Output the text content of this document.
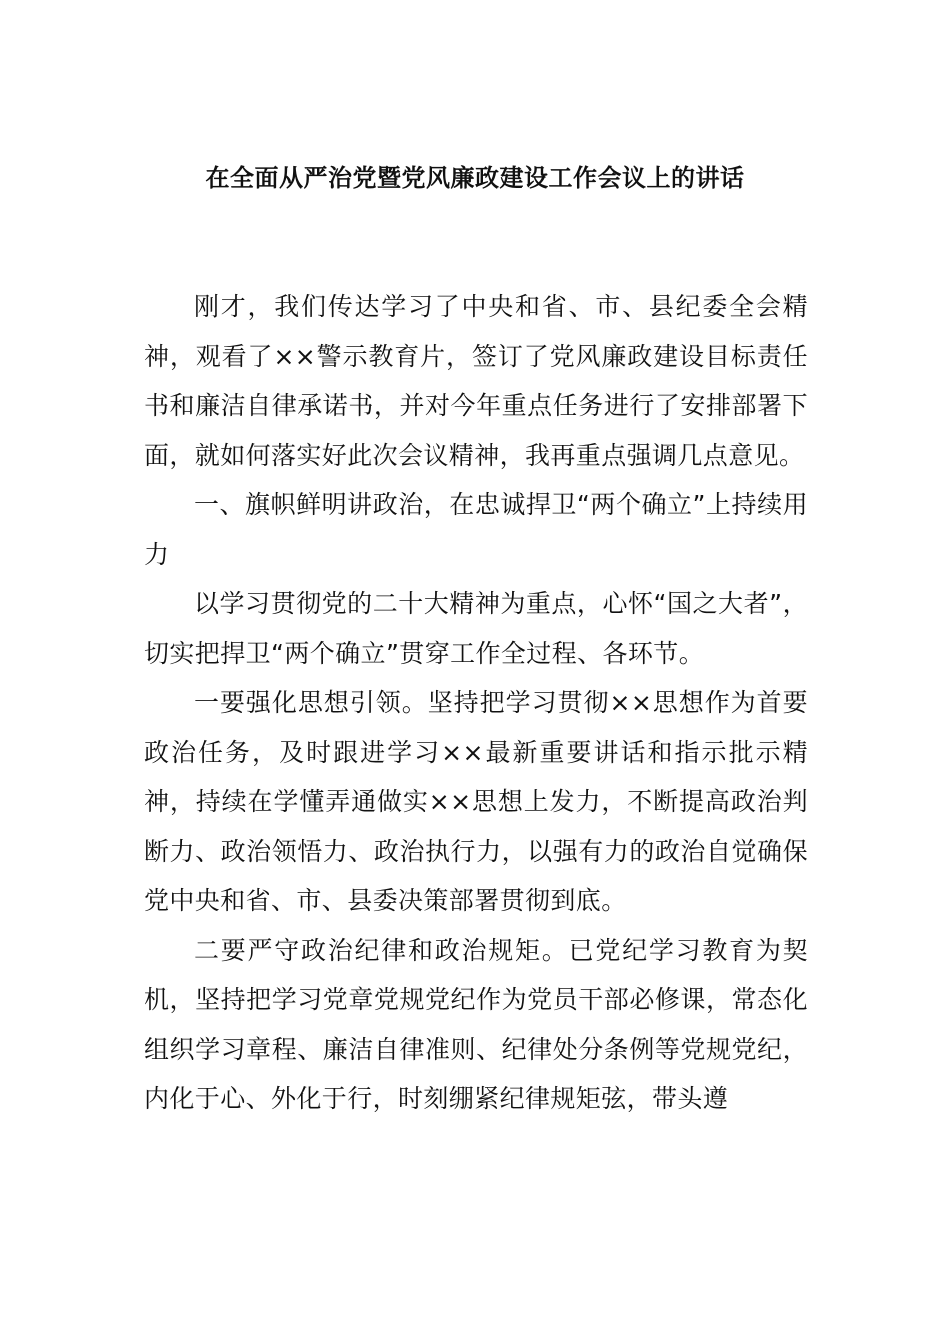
在全面从严治党暨党风廉政建设工作会议上的讲话

刚才，我们传达学习了中央和省、市、县纪委全会精神，观看了××警示教育片，签订了党风廉政建设目标责任书和廉洁自律承诺书，并对今年重点任务进行了安排部署下面，就如何落实好此次会议精神，我再重点强调几点意见。

一、旗帜鲜明讲政治，在忠诚捍卫“两个确立”上持续用力

以学习贯彻党的二十大精神为重点，心怀“国之大者”，切实把捍卫“两个确立”贯穿工作全过程、各环节。

一要强化思想引领。坚持把学习贯彻××思想作为首要政治任务，及时跟进学习××最新重要讲话和指示批示精神，持续在学懂弄通做实××思想上发力，不断提高政治判断力、政治领悟力、政治执行力，以强有力的政治自觉确保党中央和省、市、县委决策部署贯彻到底。

二要严守政治纪律和政治规矩。已党纪学习教育为契机，坚持把学习党章党规党纪作为党员干部必修课，常态化组织学习章程、廉洁自律准则、纪律处分条例等党规党纪，内化于心、外化于行，时刻绷紧纪律规矩弦，带头遵
